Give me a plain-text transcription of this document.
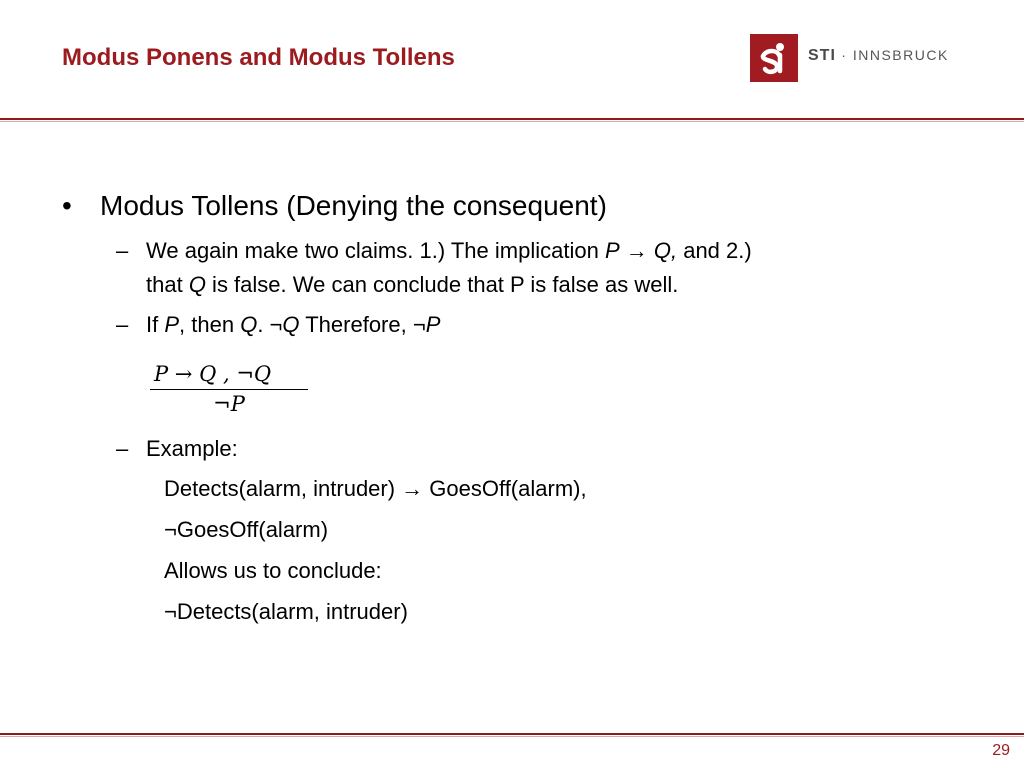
Modus Ponens and Modus Tollens	STI · INNSBRUCK
• Modus Tollens (Denying the consequent)
– We again make two claims. 1.) The implication P → Q, and 2.)
that Q is false. We can conclude that P is false as well.
– If P, then Q. ¬Q Therefore, ¬P
P → Q , ¬Q
¬P
– Example:
Detects(alarm, intruder) → GoesOff(alarm),
¬GoesOff(alarm)
Allows us to conclude:
¬Detects(alarm, intruder)
29
